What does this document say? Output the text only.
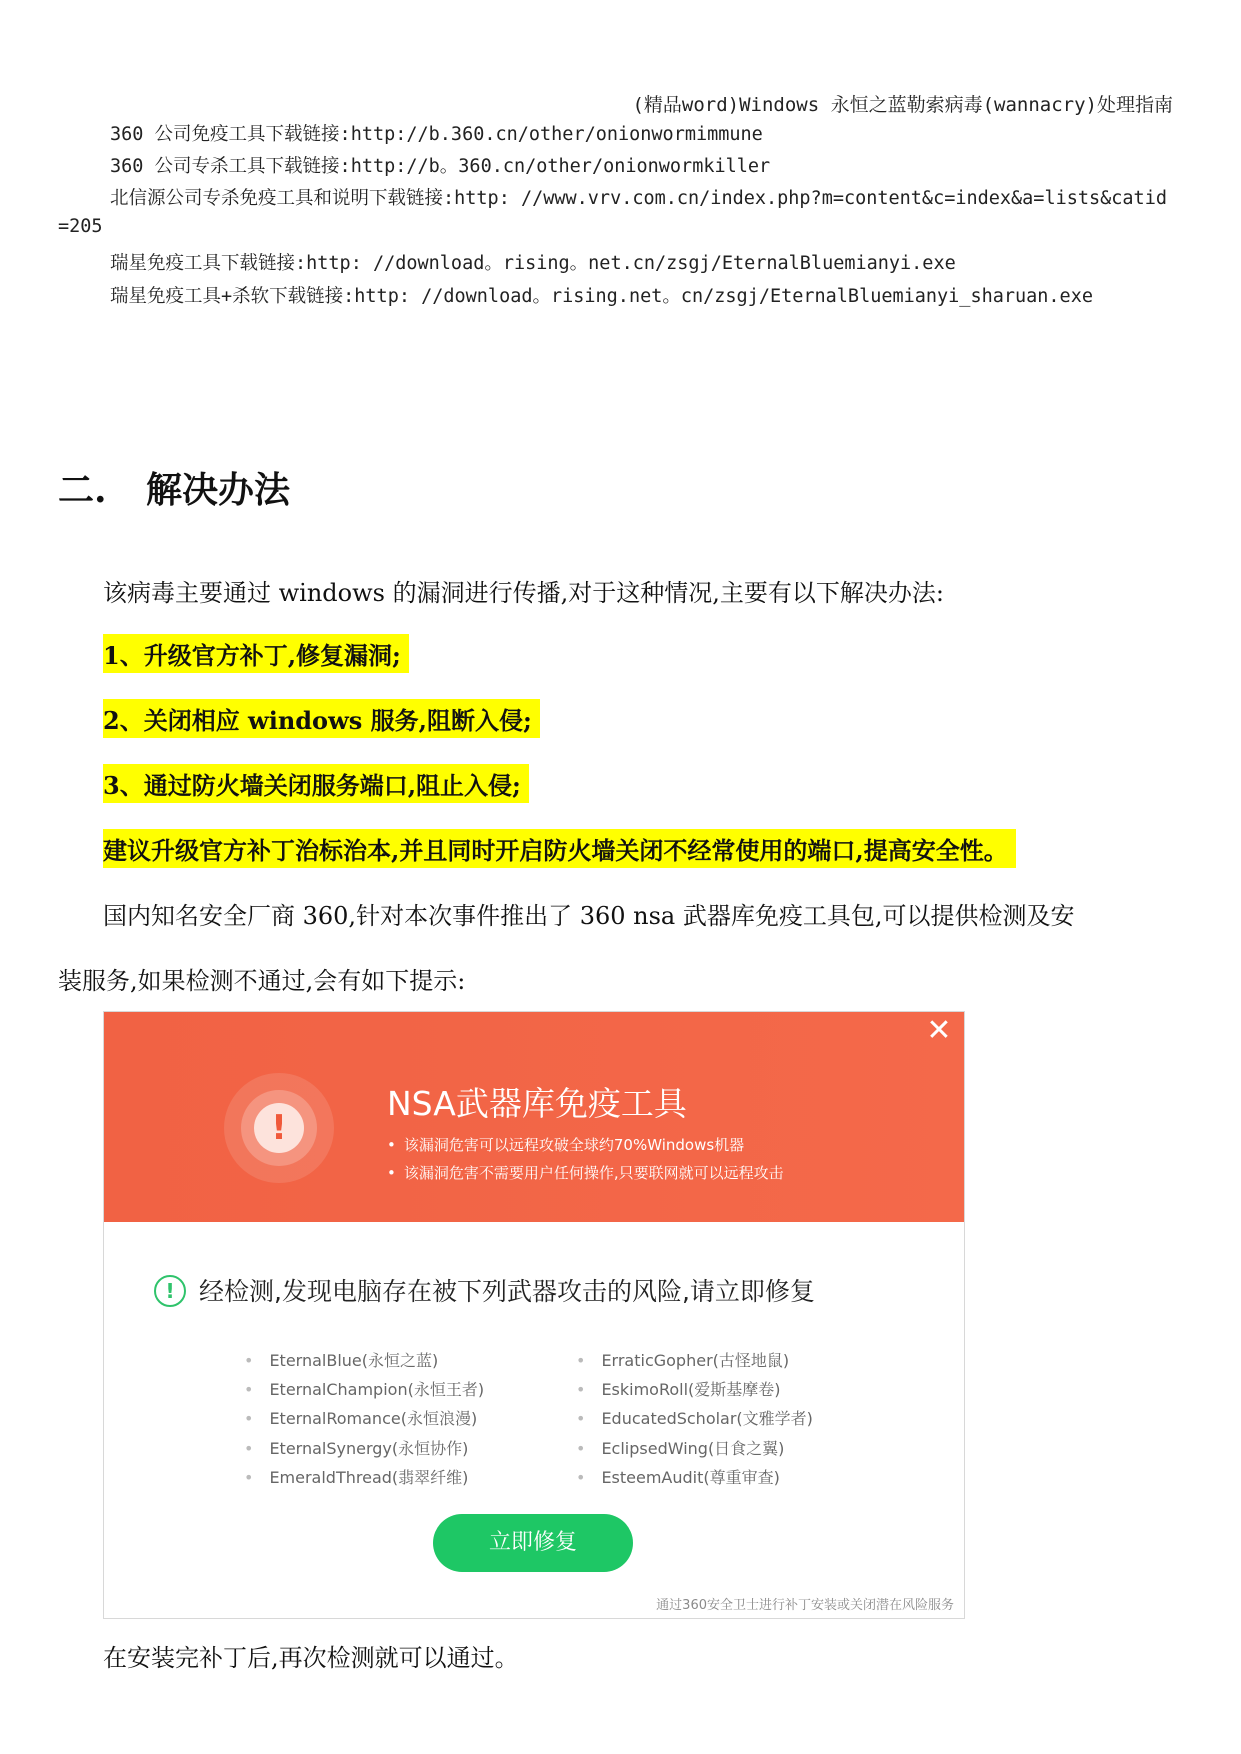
(精品word)Windows 永恒之蓝勒索病毒(wannacry)处理指南
360 公司免疫工具下载链接:http://b.360.cn/other/onionwormimmune
360 公司专杀工具下载链接:http://b。360.cn/other/onionwormkiller
北信源公司专杀免疫工具和说明下载链接:http: //www.vrv.com.cn/index.php?m=content&c=index&a=lists&catid
=205
瑞星免疫工具下载链接:http: //download。rising。net.cn/zsgj/EternalBluemianyi.exe
瑞星免疫工具+杀软下载链接:http: //download。rising.net。cn/zsgj/EternalBluemianyi_sharuan.exe
二. 解决办法
该病毒主要通过 windows 的漏洞进行传播,对于这种情况,主要有以下解决办法:
1、升级官方补丁,修复漏洞;
2、关闭相应 windows 服务,阻断入侵;
3、通过防火墙关闭服务端口,阻止入侵;
建议升级官方补丁治标治本,并且同时开启防火墙关闭不经常使用的端口,提高安全性。
国内知名安全厂商 360,针对本次事件推出了 360 nsa 武器库免疫工具包,可以提供检测及安
装服务,如果检测不通过,会有如下提示:
✕
!
NSA武器库免疫工具
• 该漏洞危害可以远程攻破全球约70%Windows机器
• 该漏洞危害不需要用户任何操作,只要联网就可以远程攻击
! 经检测,发现电脑存在被下列武器攻击的风险,请立即修复
• EternalBlue(永恒之蓝)
• EternalChampion(永恒王者)
• EternalRomance(永恒浪漫)
• EternalSynergy(永恒协作)
• EmeraldThread(翡翠纤维)
• ErraticGopher(古怪地鼠)
• EskimoRoll(爱斯基摩卷)
• EducatedScholar(文雅学者)
• EclipsedWing(日食之翼)
• EsteemAudit(尊重审查)
立即修复
通过360安全卫士进行补丁安装或关闭潜在风险服务
在安装完补丁后,再次检测就可以通过。
